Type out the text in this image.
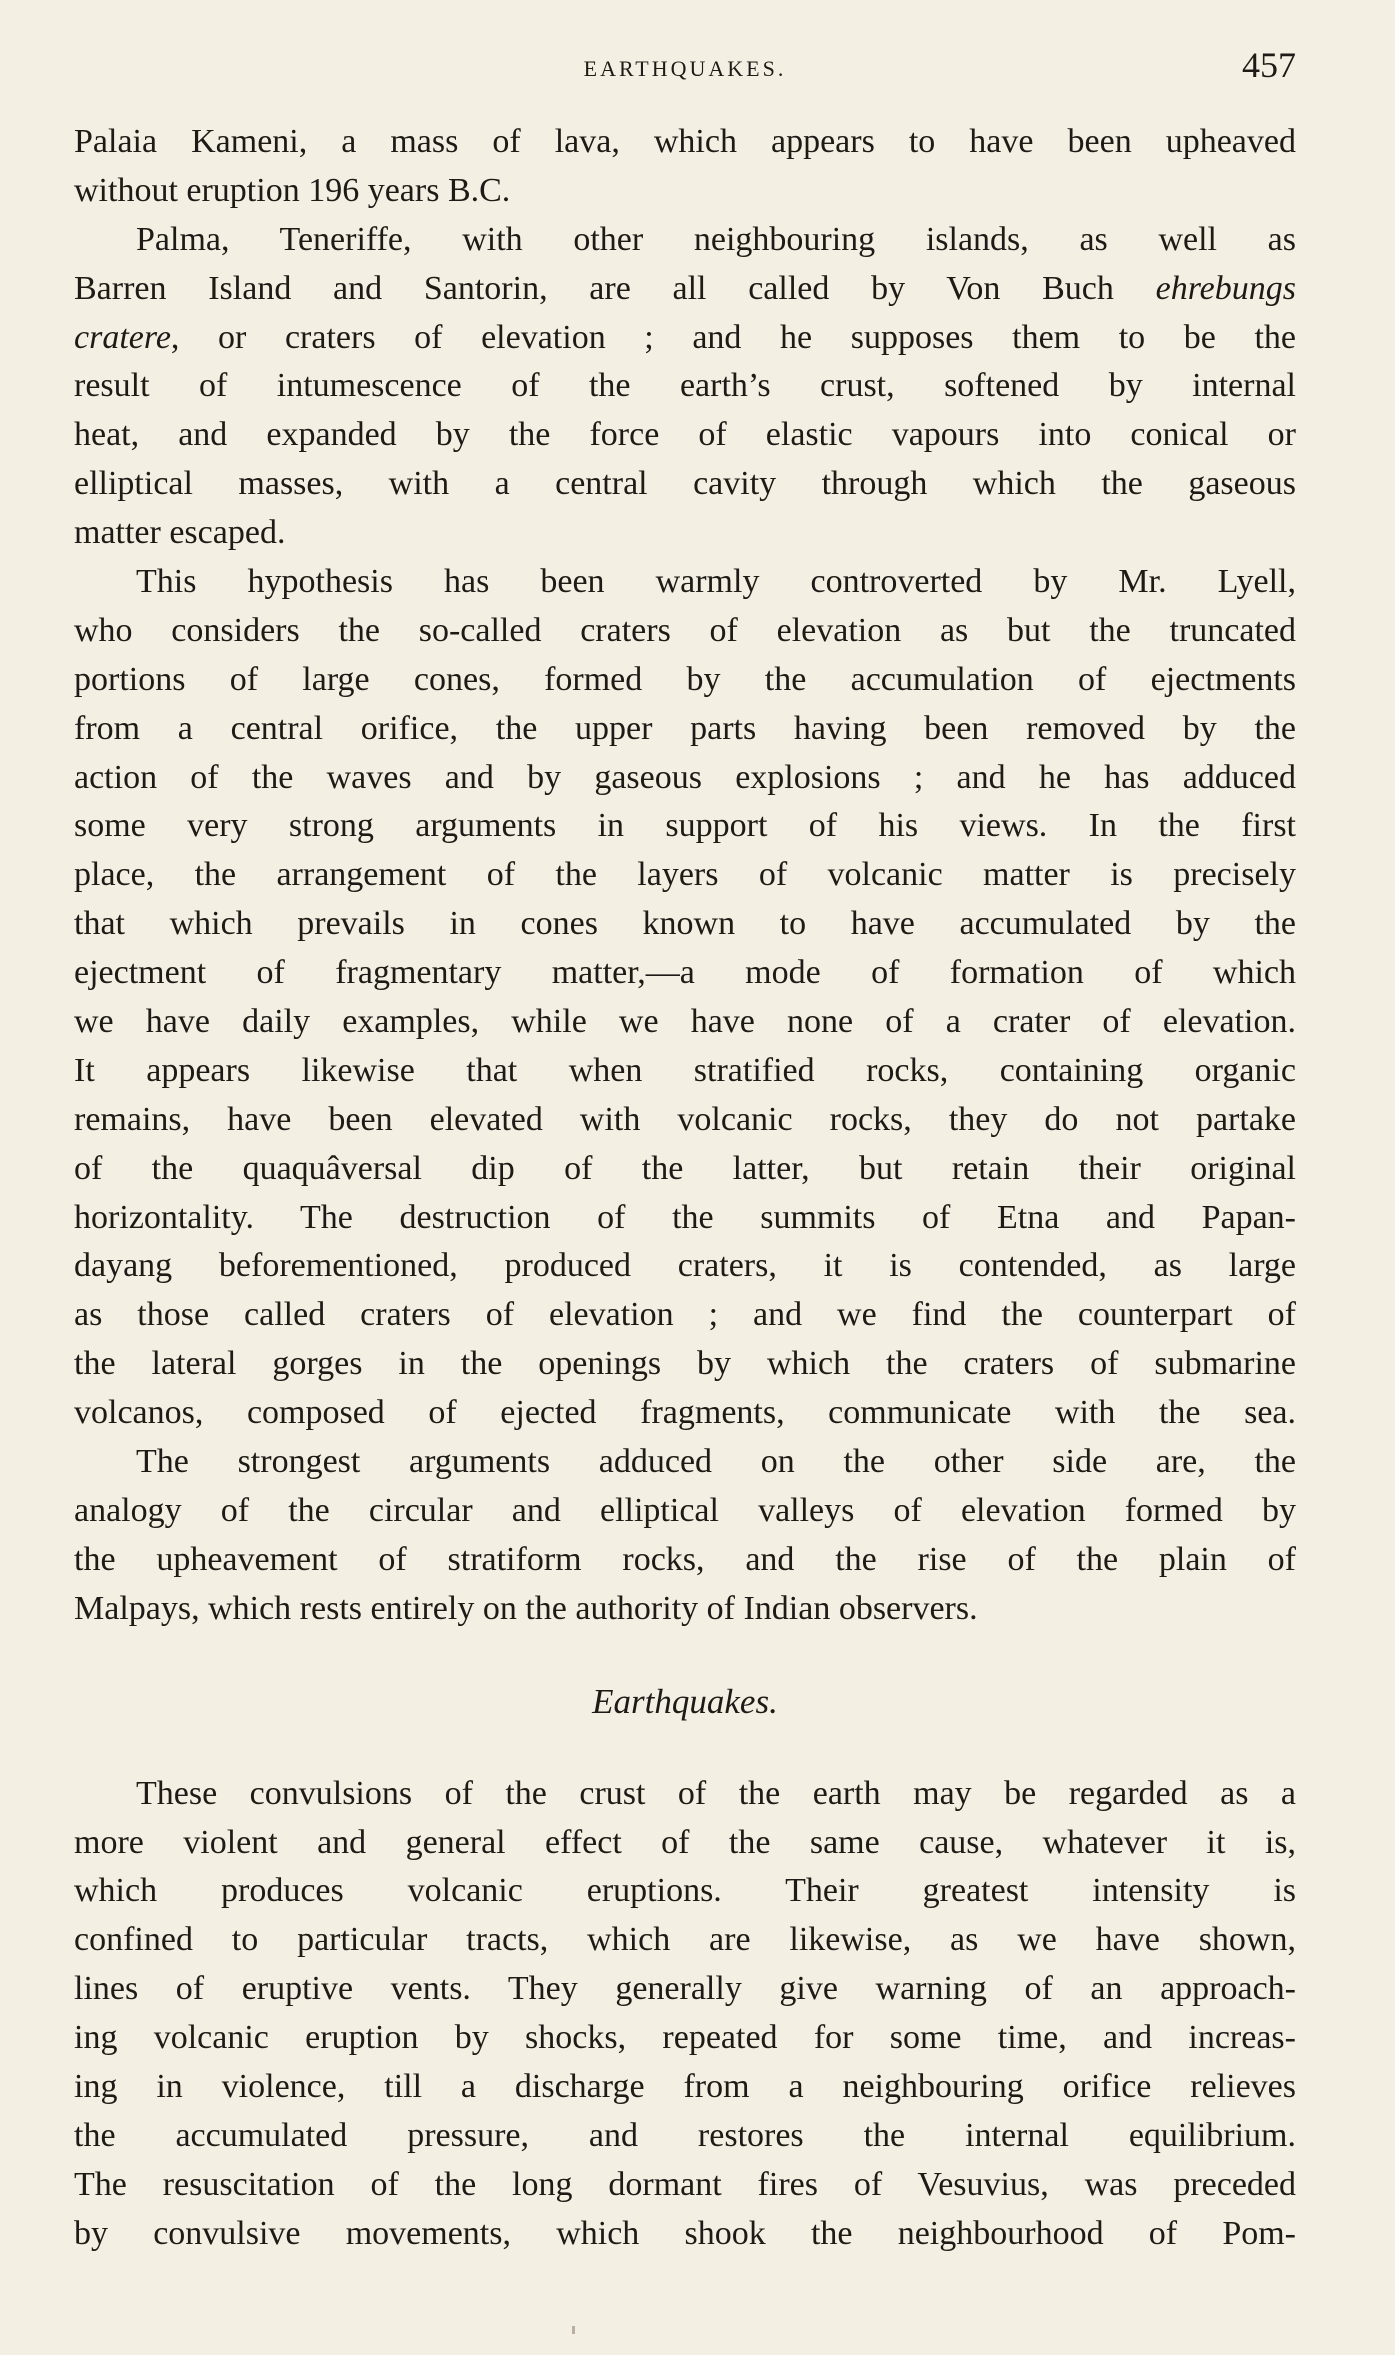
EARTHQUAKES.	457
Palaia Kameni, a mass of lava, which appears to have been upheaved
without eruption 196 years B.C.
Palma, Teneriffe, with other neighbouring islands, as well as
Barren Island and Santorin, are all called by Von Buch ehrebungs
cratere, or craters of elevation ; and he supposes them to be the
result of intumescence of the earth’s crust, softened by internal
heat, and expanded by the force of elastic vapours into conical or
elliptical masses, with a central cavity through which the gaseous
matter escaped.
This hypothesis has been warmly controverted by Mr. Lyell,
who considers the so-called craters of elevation as but the truncated
portions of large cones, formed by the accumulation of ejectments
from a central orifice, the upper parts having been removed by the
action of the waves and by gaseous explosions ; and he has adduced
some very strong arguments in support of his views. In the first
place, the arrangement of the layers of volcanic matter is precisely
that which prevails in cones known to have accumulated by the
ejectment of fragmentary matter,—a mode of formation of which
we have daily examples, while we have none of a crater of elevation.
It appears likewise that when stratified rocks, containing organic
remains, have been elevated with volcanic rocks, they do not partake
of the quaquâversal dip of the latter, but retain their original
horizontality. The destruction of the summits of Etna and Papan-
dayang beforementioned, produced craters, it is contended, as large
as those called craters of elevation ; and we find the counterpart of
the lateral gorges in the openings by which the craters of submarine
volcanos, composed of ejected fragments, communicate with the sea.
The strongest arguments adduced on the other side are, the
analogy of the circular and elliptical valleys of elevation formed by
the upheavement of stratiform rocks, and the rise of the plain of
Malpays, which rests entirely on the authority of Indian observers.
Earthquakes.
These convulsions of the crust of the earth may be regarded as a
more violent and general effect of the same cause, whatever it is,
which produces volcanic eruptions. Their greatest intensity is
confined to particular tracts, which are likewise, as we have shown,
lines of eruptive vents. They generally give warning of an approach-
ing volcanic eruption by shocks, repeated for some time, and increas-
ing in violence, till a discharge from a neighbouring orifice relieves
the accumulated pressure, and restores the internal equilibrium.
The resuscitation of the long dormant fires of Vesuvius, was preceded
by convulsive movements, which shook the neighbourhood of Pom-
